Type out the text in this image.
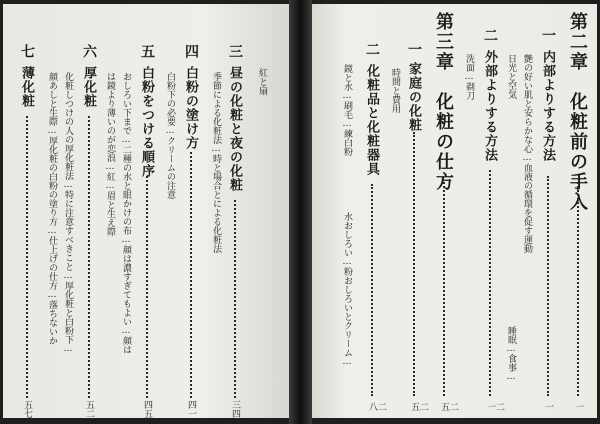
第二章　化粧前の手入
一
一
内部よりする方法
一
艶の好い肌と安らかな心…血液の循環を促す運動
日光と空気
睡眠…食事…
二
外部よりする方法
二一
洗面…剃刀
第三章　化粧の仕方
二五
一
家庭の化粧
二五
時間と費用
二
化粧品と化粧器具
二八
鏡と水…刷毛…練白粉
水おしろい…粉おしろいとクリーム…
三
昼の化粧と夜の化粧
三四
季節による化粧法…時と場合とによる化粧法	紅と扇
四
白粉の塗け方
四一
白粉下の必要…クリームの注意
五
白粉をつける順序
四五
おしろい下まで…二種の水と眼かけの布…顔は濃すぎてもよい…顔は
は鏡より薄いのが恋浪…紅…眉と生え際
六
厚化粧
五二
化粧しつけの人の厚化粧法…特に注意すべきこと…厚化粧と白粉下…
顔あしと生際…厚化粧の白粉の塗り方…仕上げの仕方…落ちないか
七
薄化粧
五七
